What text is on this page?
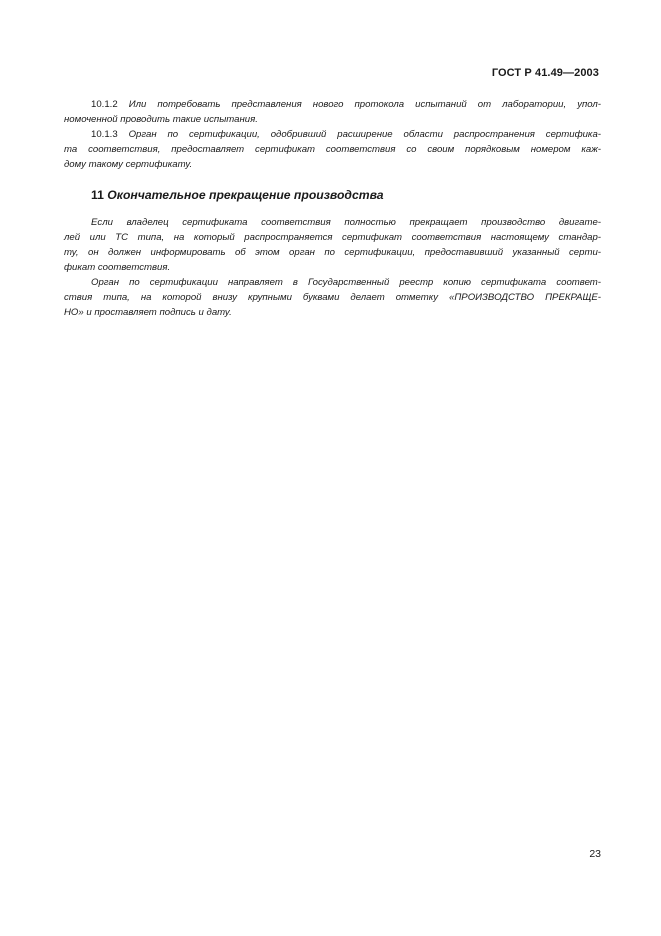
ГОСТ Р 41.49—2003

10.1.2 Или потребовать представления нового протокола испытаний от лаборатории, упол-
номоченной проводить такие испытания.

10.1.3 Орган по сертификации, одобривший расширение области распространения сертифика-
та соответствия, предоставляет сертификат соответствия со своим порядковым номером каж-
дому такому сертификату.

11 Окончательное прекращение производства

Если владелец сертификата соответствия полностью прекращает производство двигате-
лей или ТС типа, на который распространяется сертификат соответствия настоящему стандар-
ту, он должен информировать об этом орган по сертификации, предоставивший указанный серти-
фикат соответствия.

Орган по сертификации направляет в Государственный реестр копию сертификата соответ-
ствия типа, на которой внизу крупными буквами делает отметку «ПРОИЗВОДСТВО ПРЕКРАЩЕ-
НО» и проставляет подпись и дату.

23
